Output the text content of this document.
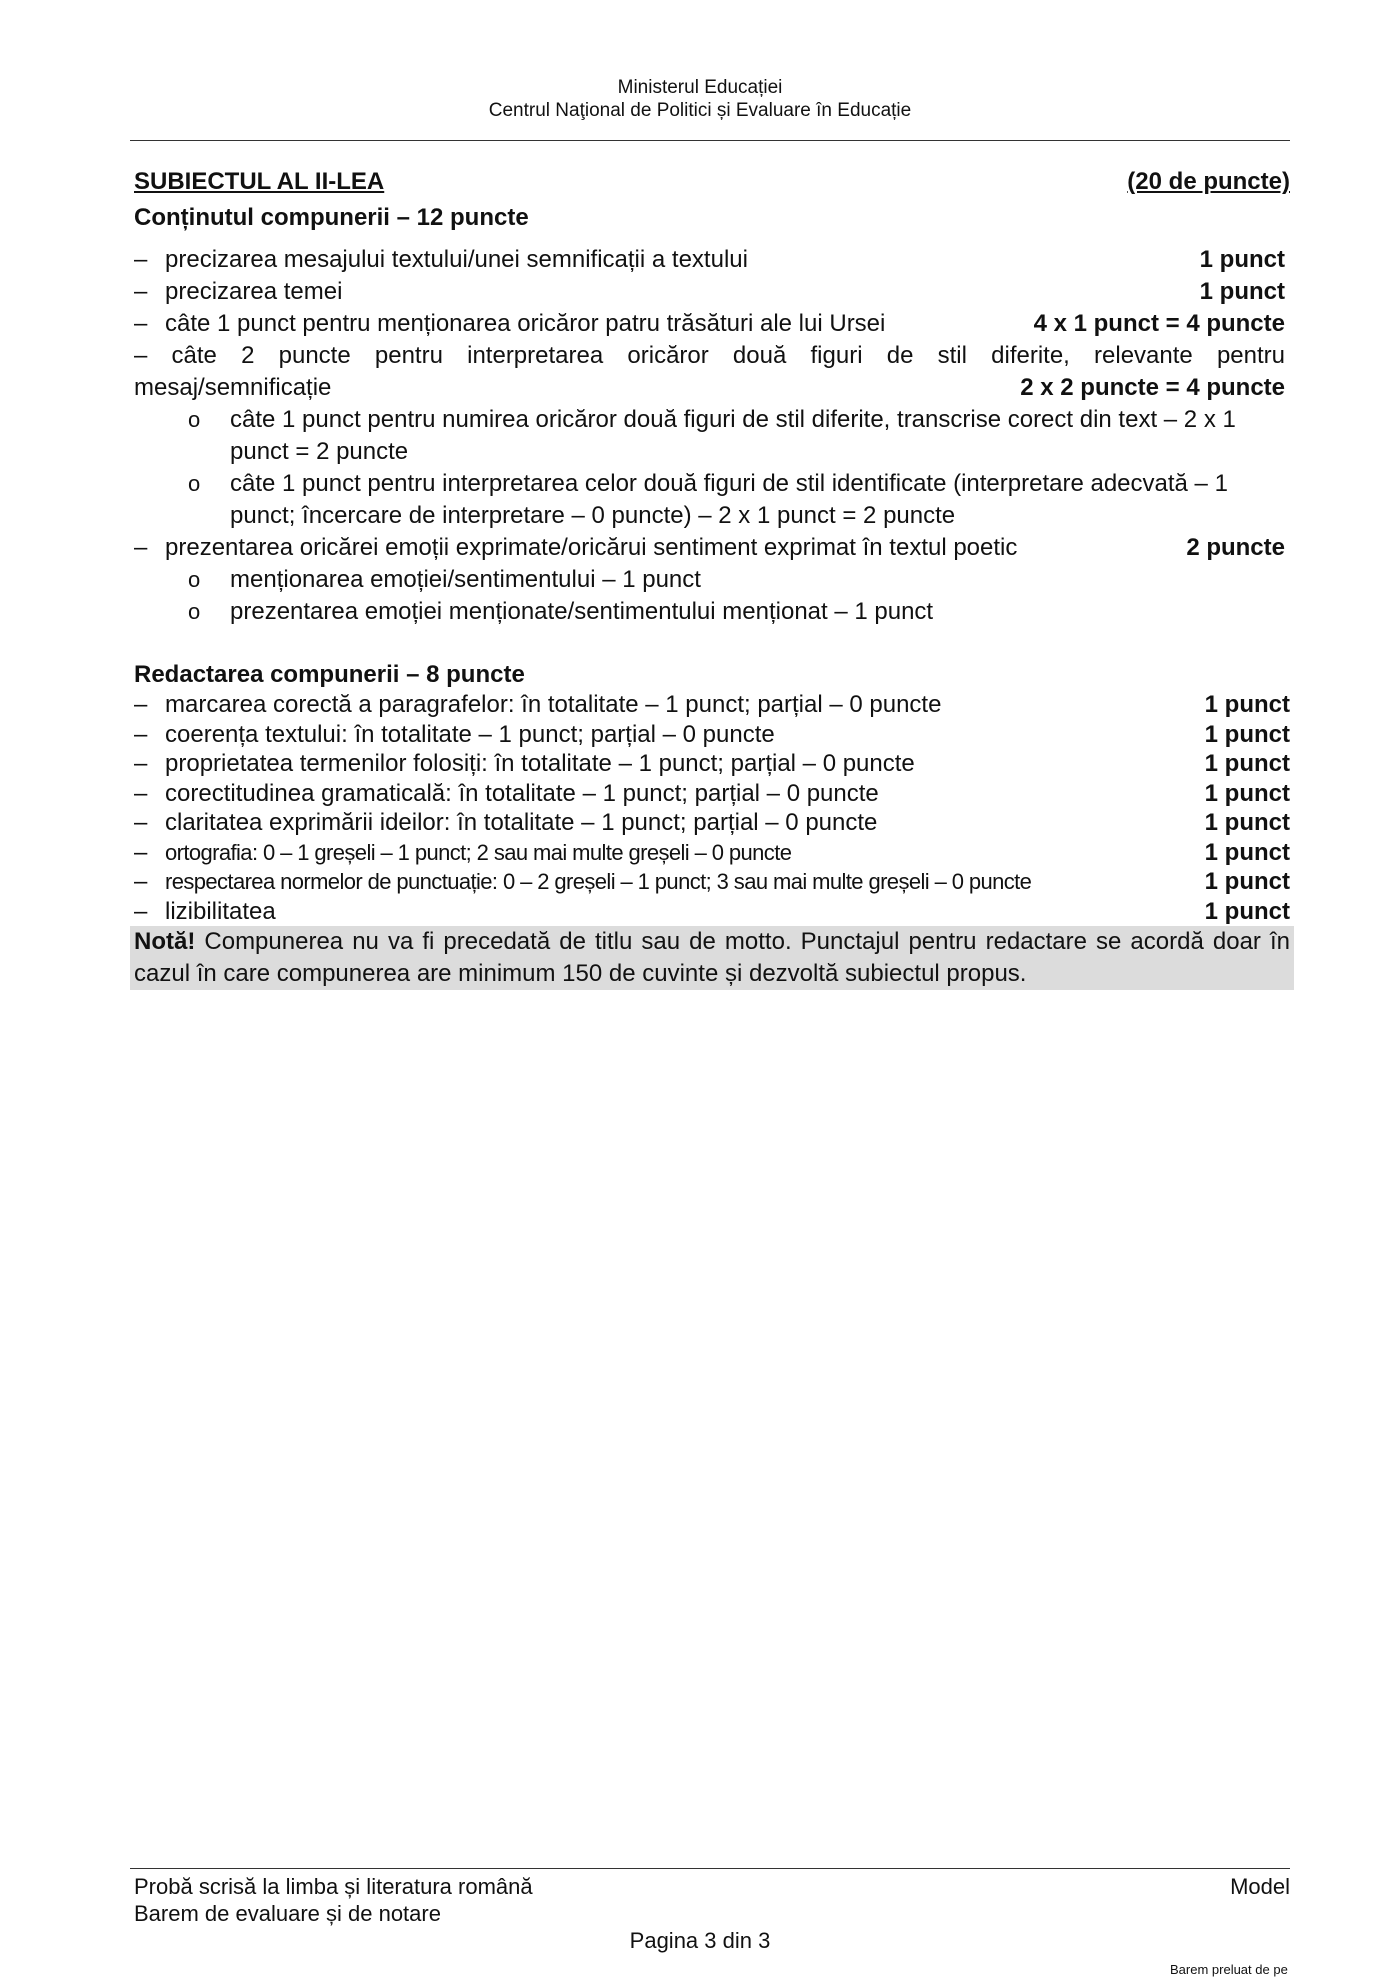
Ministerul Educației
Centrul Naţional de Politici și Evaluare în Educație
SUBIECTUL AL II-LEA	(20 de puncte)
Conținutul compunerii – 12 puncte
– precizarea mesajului textului/unei semnificații a textului	1 punct
– precizarea temei	1 punct
– câte 1 punct pentru menționarea oricăror patru trăsături ale lui Ursei	4 x 1 punct = 4 puncte
– câte 2 puncte pentru interpretarea oricăror două figuri de stil diferite, relevante pentru
mesaj/semnificație	2 x 2 puncte = 4 puncte
o	câte 1 punct pentru numirea oricăror două figuri de stil diferite, transcrise corect din text – 2 x 1 punct = 2 puncte
o	câte 1 punct pentru interpretarea celor două figuri de stil identificate (interpretare adecvată – 1 punct; încercare de interpretare – 0 puncte) – 2 x 1 punct = 2 puncte
– prezentarea oricărei emoții exprimate/oricărui sentiment exprimat în textul poetic	2 puncte
o	menționarea emoției/sentimentului – 1 punct
o	prezentarea emoției menționate/sentimentului menționat – 1 punct
Redactarea compunerii – 8 puncte
– marcarea corectă a paragrafelor: în totalitate – 1 punct; parțial – 0 puncte	1 punct
– coerența textului: în totalitate – 1 punct; parțial – 0 puncte	1 punct
– proprietatea termenilor folosiți: în totalitate – 1 punct; parțial – 0 puncte	1 punct
– corectitudinea gramaticală: în totalitate – 1 punct; parțial – 0 puncte	1 punct
– claritatea exprimării ideilor: în totalitate – 1 punct; parțial – 0 puncte	1 punct
– ortografia: 0 – 1 greșeli – 1 punct; 2 sau mai multe greșeli – 0 puncte	1 punct
– respectarea normelor de punctuație: 0 – 2 greșeli – 1 punct; 3 sau mai multe greșeli – 0 puncte	1 punct
– lizibilitatea	1 punct
Notă! Compunerea nu va fi precedată de titlu sau de motto. Punctajul pentru redactare se acordă doar în cazul în care compunerea are minimum 150 de cuvinte și dezvoltă subiectul propus.
Probă scrisă la limba și literatura română	Model
Barem de evaluare și de notare
Pagina 3 din 3
Barem preluat de pe
